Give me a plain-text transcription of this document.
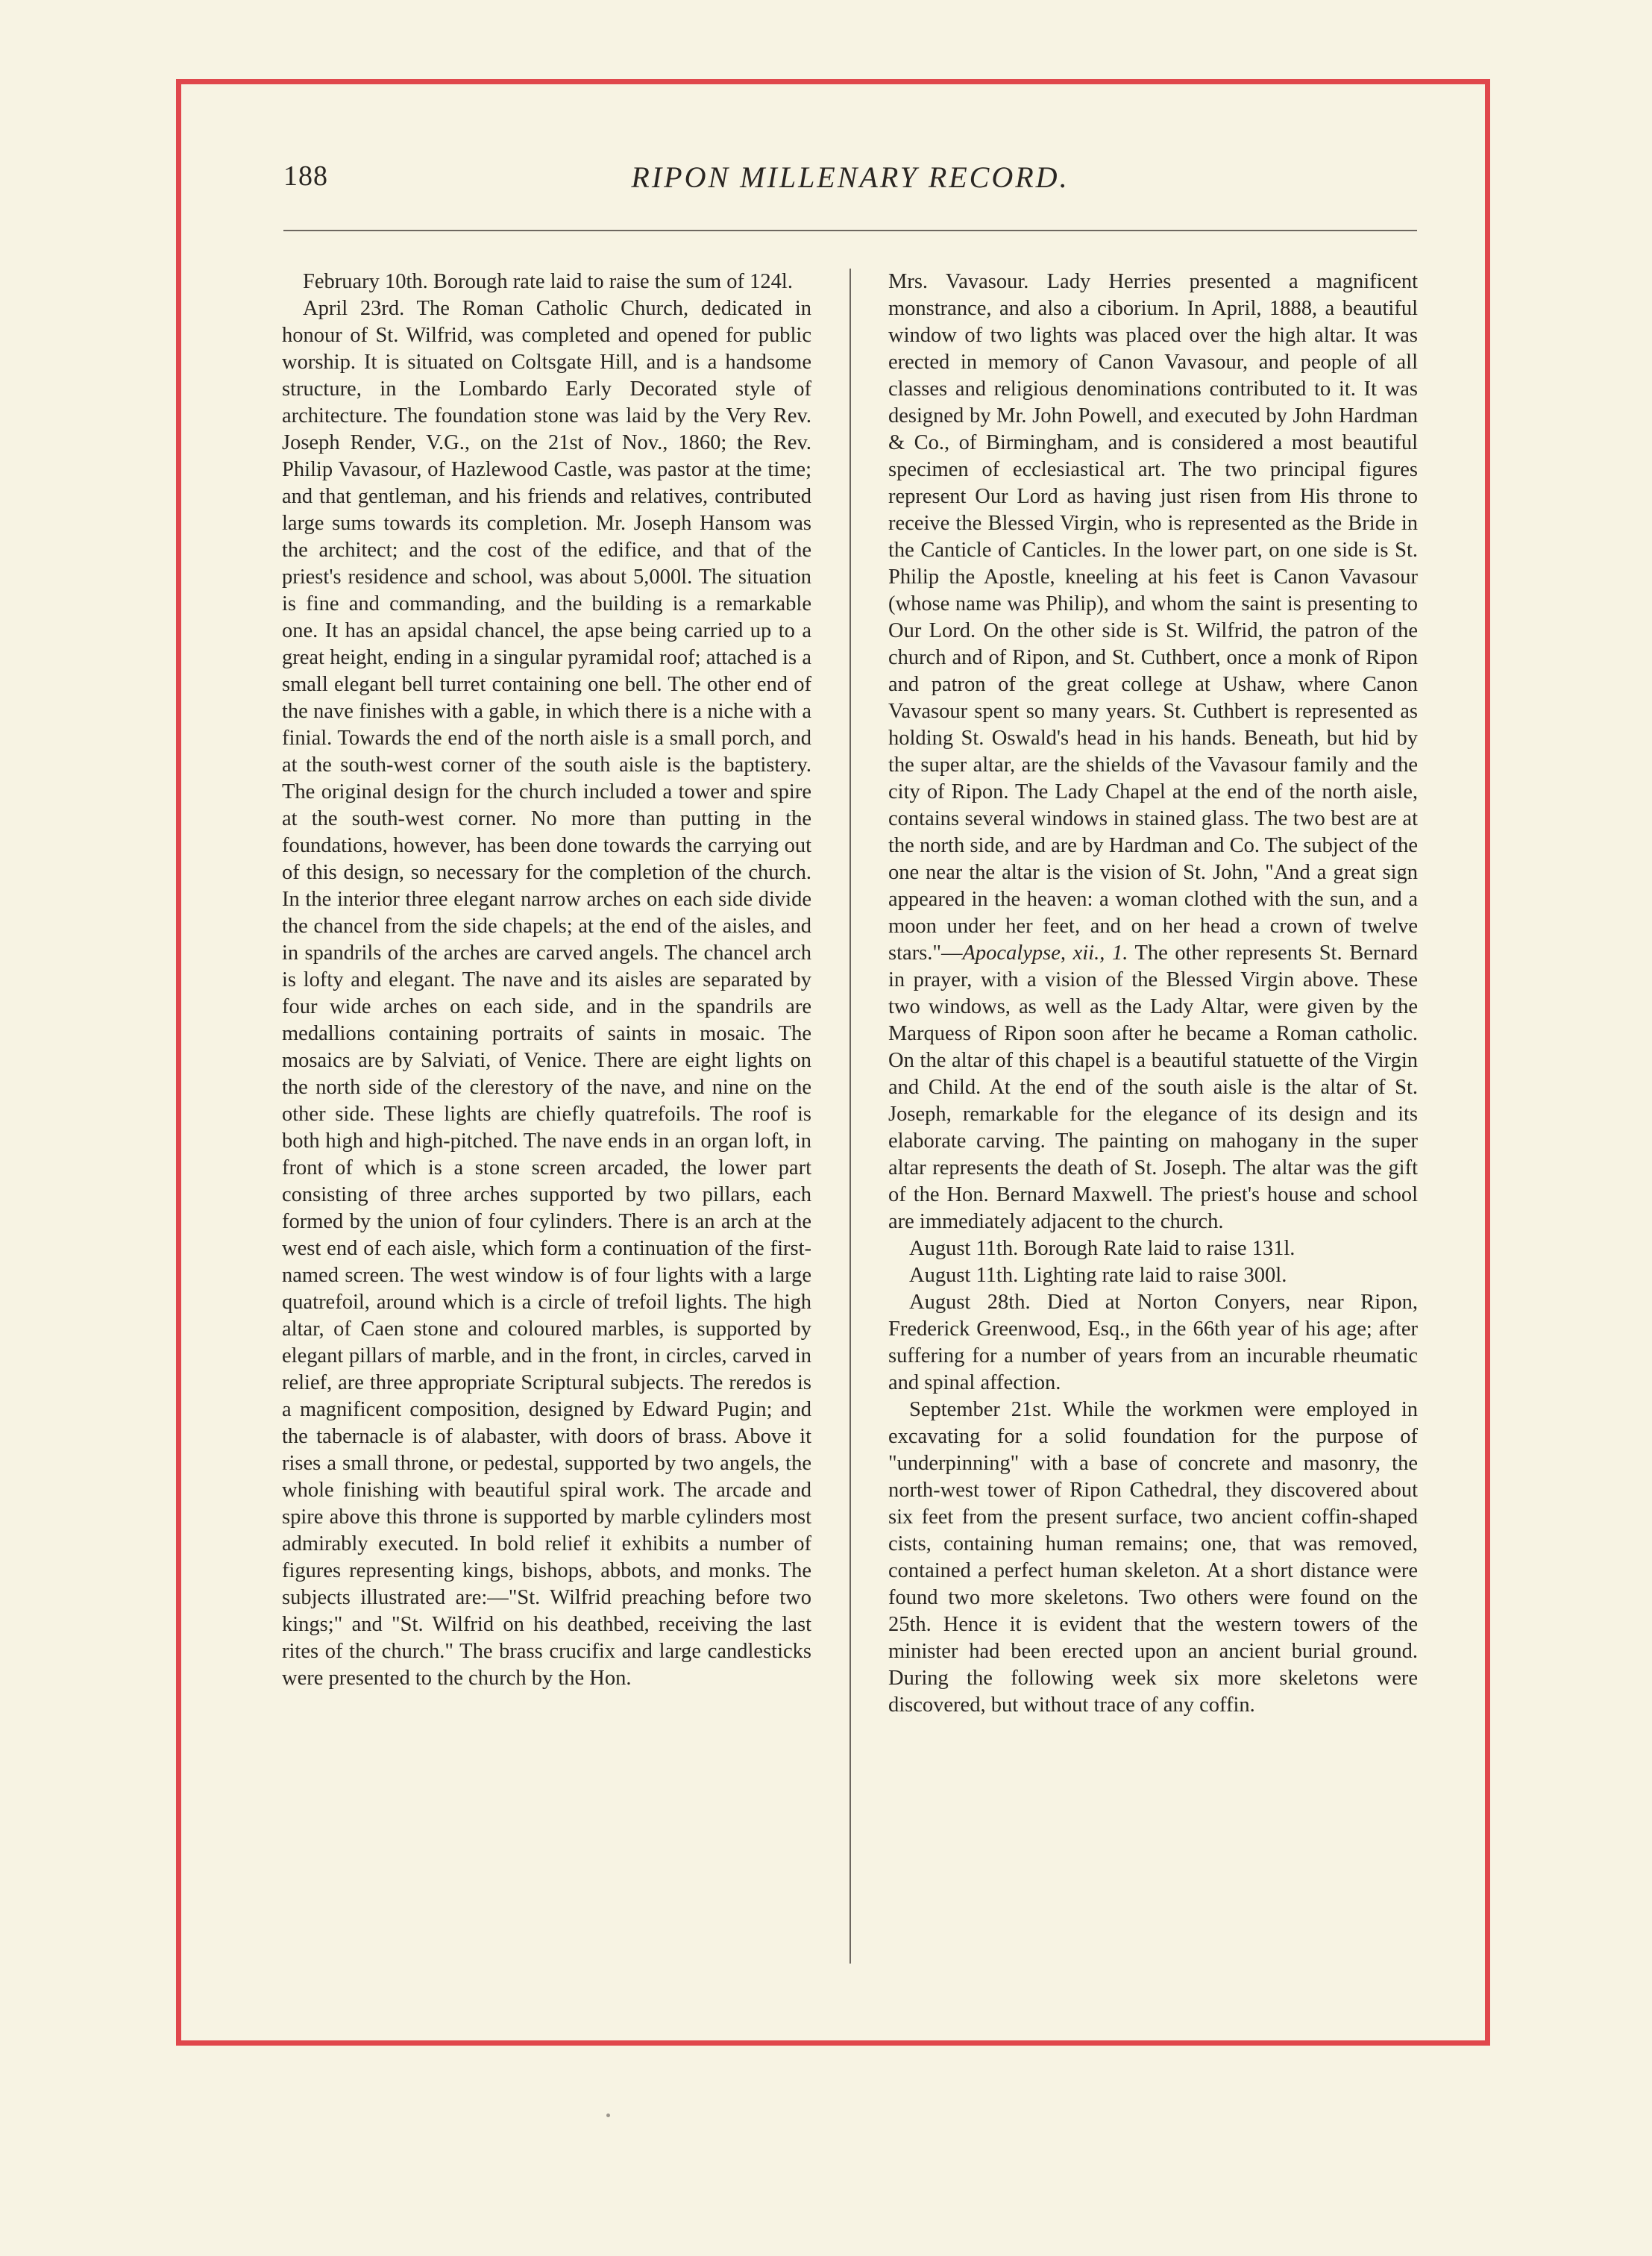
188	RIPON MILLENARY RECORD.

February 10th. Borough rate laid to raise the sum of 124l.

April 23rd. The Roman Catholic Church, dedicated in honour of St. Wilfrid, was completed and opened for public worship. It is situated on Coltsgate Hill, and is a handsome structure, in the Lombardo Early Decorated style of architecture. The foundation stone was laid by the Very Rev. Joseph Render, V.G., on the 21st of Nov., 1860; the Rev. Philip Vavasour, of Hazlewood Castle, was pastor at the time; and that gentleman, and his friends and relatives, contributed large sums towards its completion. Mr. Joseph Hansom was the architect; and the cost of the edifice, and that of the priest's residence and school, was about 5,000l. The situation is fine and commanding, and the building is a remarkable one. It has an apsidal chancel, the apse being carried up to a great height, ending in a singular pyramidal roof; attached is a small elegant bell turret containing one bell. The other end of the nave finishes with a gable, in which there is a niche with a finial. Towards the end of the north aisle is a small porch, and at the south-west corner of the south aisle is the baptistery. The original design for the church included a tower and spire at the south-west corner. No more than putting in the foundations, however, has been done towards the carrying out of this design, so necessary for the completion of the church. In the interior three elegant narrow arches on each side divide the chancel from the side chapels; at the end of the aisles, and in spandrils of the arches are carved angels. The chancel arch is lofty and elegant. The nave and its aisles are separated by four wide arches on each side, and in the spandrils are medallions containing portraits of saints in mosaic. The mosaics are by Salviati, of Venice. There are eight lights on the north side of the clerestory of the nave, and nine on the other side. These lights are chiefly quatrefoils. The roof is both high and high-pitched. The nave ends in an organ loft, in front of which is a stone screen arcaded, the lower part consisting of three arches supported by two pillars, each formed by the union of four cylinders. There is an arch at the west end of each aisle, which form a continuation of the first-named screen. The west window is of four lights with a large quatrefoil, around which is a circle of trefoil lights. The high altar, of Caen stone and coloured marbles, is supported by elegant pillars of marble, and in the front, in circles, carved in relief, are three appropriate Scriptural subjects. The reredos is a magnificent composition, designed by Edward Pugin; and the tabernacle is of alabaster, with doors of brass. Above it rises a small throne, or pedestal, supported by two angels, the whole finishing with beautiful spiral work. The arcade and spire above this throne is supported by marble cylinders most admirably executed. In bold relief it exhibits a number of figures representing kings, bishops, abbots, and monks. The subjects illustrated are:—"St. Wilfrid preaching before two kings;" and "St. Wilfrid on his deathbed, receiving the last rites of the church." The brass crucifix and large candlesticks were presented to the church by the Hon.

Mrs. Vavasour. Lady Herries presented a magnificent monstrance, and also a ciborium. In April, 1888, a beautiful window of two lights was placed over the high altar. It was erected in memory of Canon Vavasour, and people of all classes and religious denominations contributed to it. It was designed by Mr. John Powell, and executed by John Hardman & Co., of Birmingham, and is considered a most beautiful specimen of ecclesiastical art. The two principal figures represent Our Lord as having just risen from His throne to receive the Blessed Virgin, who is represented as the Bride in the Canticle of Canticles. In the lower part, on one side is St. Philip the Apostle, kneeling at his feet is Canon Vavasour (whose name was Philip), and whom the saint is presenting to Our Lord. On the other side is St. Wilfrid, the patron of the church and of Ripon, and St. Cuthbert, once a monk of Ripon and patron of the great college at Ushaw, where Canon Vavasour spent so many years. St. Cuthbert is represented as holding St. Oswald's head in his hands. Beneath, but hid by the super altar, are the shields of the Vavasour family and the city of Ripon. The Lady Chapel at the end of the north aisle, contains several windows in stained glass. The two best are at the north side, and are by Hardman and Co. The subject of the one near the altar is the vision of St. John, "And a great sign appeared in the heaven: a woman clothed with the sun, and a moon under her feet, and on her head a crown of twelve stars."—Apocalypse, xii., 1. The other represents St. Bernard in prayer, with a vision of the Blessed Virgin above. These two windows, as well as the Lady Altar, were given by the Marquess of Ripon soon after he became a Roman catholic. On the altar of this chapel is a beautiful statuette of the Virgin and Child. At the end of the south aisle is the altar of St. Joseph, remarkable for the elegance of its design and its elaborate carving. The painting on mahogany in the super altar represents the death of St. Joseph. The altar was the gift of the Hon. Bernard Maxwell. The priest's house and school are immediately adjacent to the church.

August 11th. Borough Rate laid to raise 131l.

August 11th. Lighting rate laid to raise 300l.

August 28th. Died at Norton Conyers, near Ripon, Frederick Greenwood, Esq., in the 66th year of his age; after suffering for a number of years from an incurable rheumatic and spinal affection.

September 21st. While the workmen were employed in excavating for a solid foundation for the purpose of "underpinning" with a base of concrete and masonry, the north-west tower of Ripon Cathedral, they discovered about six feet from the present surface, two ancient coffin-shaped cists, containing human remains; one, that was removed, contained a perfect human skeleton. At a short distance were found two more skeletons. Two others were found on the 25th. Hence it is evident that the western towers of the minister had been erected upon an ancient burial ground. During the following week six more skeletons were discovered, but without trace of any coffin.
